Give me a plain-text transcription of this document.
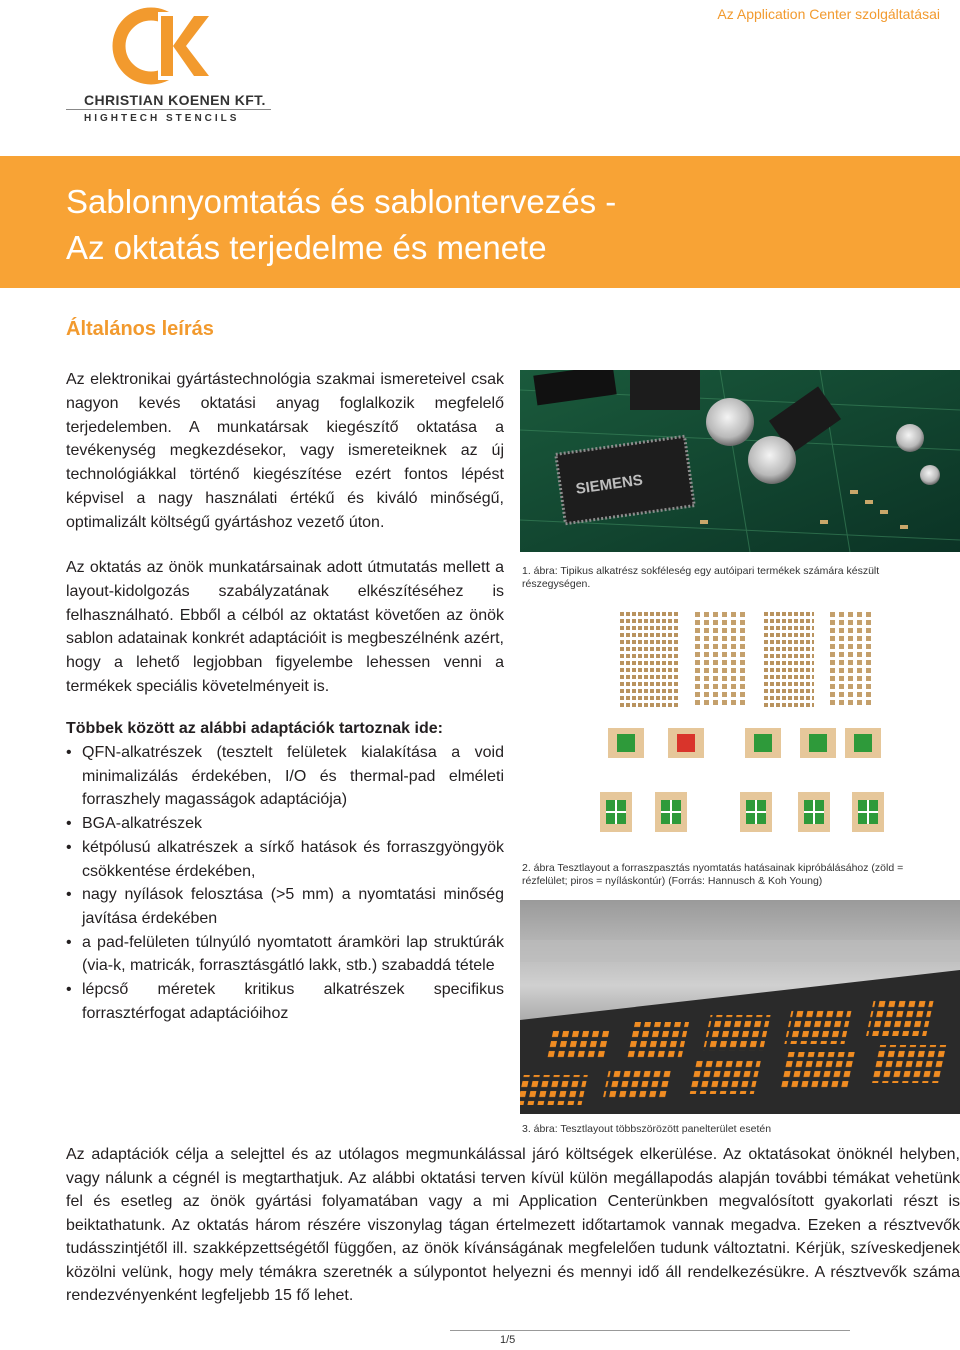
Az Application Center szolgáltatásai
CHRISTIAN KOENEN KFT.
HIGHTECH STENCILS
Sablonnyomtatás és sablontervezés -
Az oktatás terjedelme és menete
Általános leírás
Az elektronikai gyártástechnológia szakmai ismereteivel csak nagyon kevés oktatási anyag foglalkozik megfelelő terjedelemben. A munkatársak kiegészítő oktatása a tevékenység megkezdésekor, vagy ismereteiknek az új technológiákkal történő kiegészítése ezért fontos lépést képvisel a nagy használati értékű és kiváló minőségű, optimalizált költségű gyártáshoz vezető úton.
Az oktatás az önök munkatársainak adott útmutatás mellett a layout-kidolgozás szabályzatának elkészítéséhez is felhasználható. Ebből a célból az oktatást követően az önök sablon adatainak konkrét adaptációit is megbeszélnénk azért, hogy a lehető legjobban figyelembe lehessen venni a termékek speciális követelményeit is.
Többek között az alábbi adaptációk tartoznak ide:
• QFN-alkatrészek (tesztelt felületek kialakítása a void minimalizálás érdekében, I/O és thermal-pad elméleti forraszhely magasságok adaptációja)
• BGA-alkatrészek
• kétpólusú alkatrészek a sírkő hatások és forraszgyöngyök csökkentése érdekében,
• nagy nyílások felosztása (>5 mm) a nyomtatási minőség javítása érdekében
• a pad-felületen túlnyúló nyomtatott áramköri lap struktúrák (via-k, matricák, forrasztásgátló lakk, stb.) szabaddá tétele
• lépcső méretek kritikus alkatrészek specifikus forrasztérfogat adaptációihoz
SIEMENS
1. ábra: Tipikus alkatrész sokféleség egy autóipari termékek számára készült részegységen.
2. ábra Tesztlayout a forraszpasztás nyomtatás hatásainak kipróbálásához (zöld = rézfelület; piros = nyíláskontúr) (Forrás: Hannusch & Koh Young)
3. ábra: Tesztlayout többszörözött panelterület esetén
Az adaptációk célja a selejttel és az utólagos megmunkálással járó költségek elkerülése. Az oktatásokat önöknél helyben, vagy nálunk a cégnél is megtarthatjuk. Az alábbi oktatási terven kívül külön megállapodás alapján további témákat vehetünk fel és esetleg az önök gyártási folyamatában vagy a mi Application Centerünkben megvalósított gyakorlati részt is beiktathatunk. Az oktatás három részére viszonylag tágan értelmezett időtartamok vannak megadva. Ezeken a résztvevők tudásszintjétől ill. szakképzettségétől függően, az önök kívánságának megfelelően tudunk változtatni. Kérjük, szíveskedjenek közölni velünk, hogy mely témákra szeretnék a súlypontot helyezni és mennyi idő áll rendelkezésükre. A résztvevők száma rendezvényenként legfeljebb 15 fő lehet.
1/5
